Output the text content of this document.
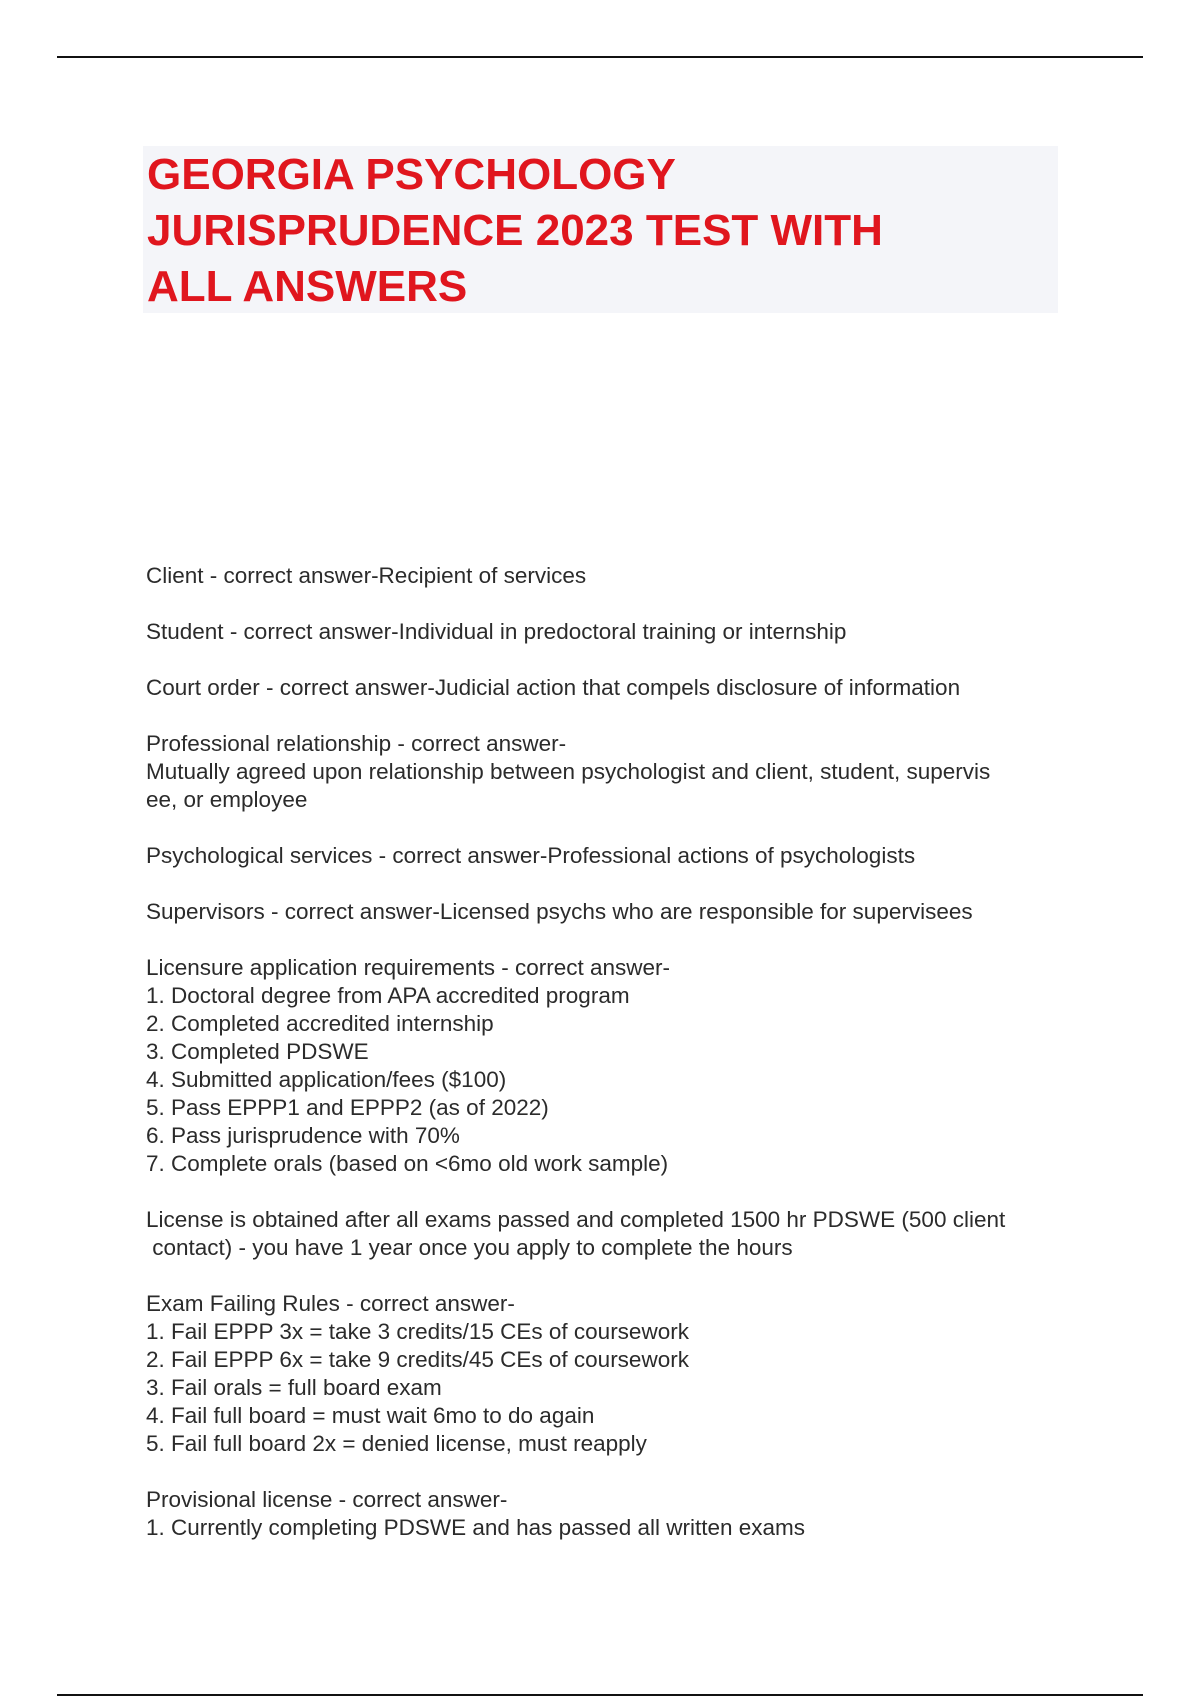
GEORGIA PSYCHOLOGY
JURISPRUDENCE 2023 TEST WITH
ALL ANSWERS
Client - correct answer-Recipient of services
Student - correct answer-Individual in predoctoral training or internship
Court order - correct answer-Judicial action that compels disclosure of information
Professional relationship - correct answer-
Mutually agreed upon relationship between psychologist and client, student, supervis
ee, or employee
Psychological services - correct answer-Professional actions of psychologists
Supervisors - correct answer-Licensed psychs who are responsible for supervisees
Licensure application requirements - correct answer-
1. Doctoral degree from APA accredited program
2. Completed accredited internship
3. Completed PDSWE
4. Submitted application/fees ($100)
5. Pass EPPP1 and EPPP2 (as of 2022)
6. Pass jurisprudence with 70%
7. Complete orals (based on <6mo old work sample)
License is obtained after all exams passed and completed 1500 hr PDSWE (500 client
contact) - you have 1 year once you apply to complete the hours
Exam Failing Rules - correct answer-
1. Fail EPPP 3x = take 3 credits/15 CEs of coursework
2. Fail EPPP 6x = take 9 credits/45 CEs of coursework
3. Fail orals = full board exam
4. Fail full board = must wait 6mo to do again
5. Fail full board 2x = denied license, must reapply
Provisional license - correct answer-
1. Currently completing PDSWE and has passed all written exams
